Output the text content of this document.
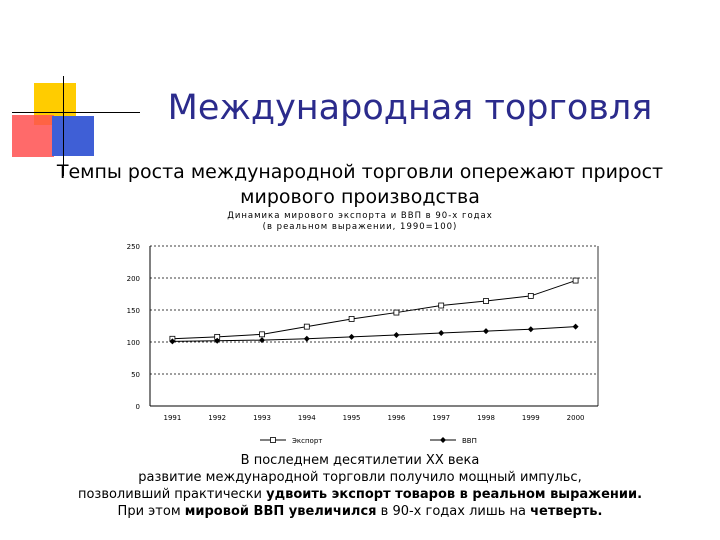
Международная торговля
Темпы роста международной торговли опережают прирост мирового производства
Динамика мирового экспорта и ВВП в 90-х годах
(в реальном выражении, 1990=100)
0
50
100
150
200
250
1991	1992	1993	1994	1995	1996	1997	1998	1999	2000
Экспорт	ВВП
В последнем десятилетии XX века
развитие международной торговли получило мощный импульс,
позволивший практически удвоить экспорт товаров в реальном выражении.
При этом мировой ВВП увеличился в 90-х годах лишь на четверть.
